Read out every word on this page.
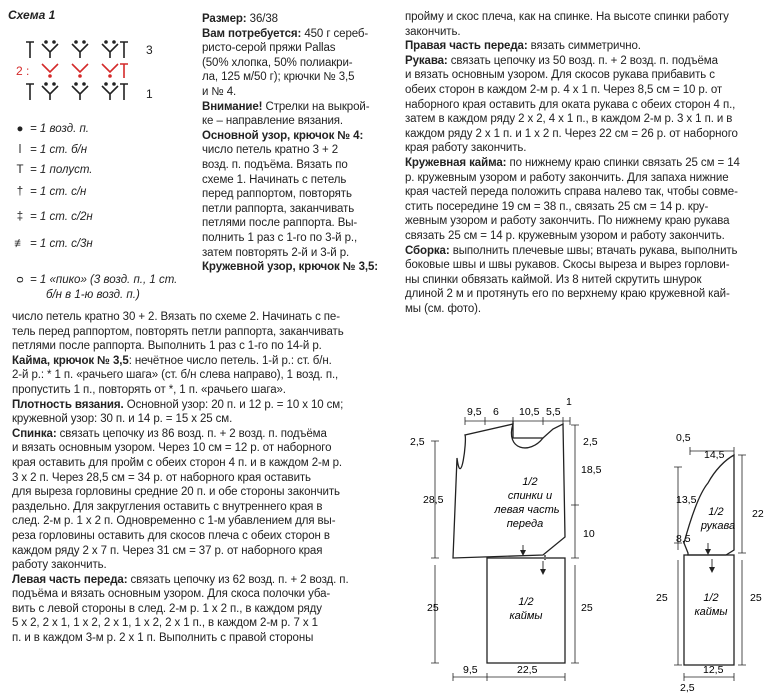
Схема 1
3
2 :
1
● = 1 возд. п.
ǀ = 1 ст. б/н
T = 1 полуст.
† = 1 ст. с/н
‡ = 1 ст. с/2н
≢ = 1 ст. с/3н
ᴑ = 1 «пико» (3 возд. п., 1 ст.
б/н в 1-ю возд. п.)

Размер: 36/38

Вам потребуется: 450 г сереб-

ристо-серой пряжи Pallas

(50% хлопка, 50% полиакри-

ла, 125 м/50 г); крючки № 3,5

и № 4.

Внимание! Стрелки на выкрой-

ке – направление вязания.

Основной узор, крючок № 4:

число петель кратно 3 + 2

возд. п. подъёма. Вязать по

схеме 1. Начинать с петель

перед раппортом, повторять

петли раппорта, заканчивать

петлями после раппорта. Вы-

полнить 1 раз с 1-го по 3-й р.,

затем повторять 2-й и 3-й р.

Кружевной узор, крючок № 3,5:

число петель кратно 30 + 2. Вязать по схеме 2. Начинать с пе-

тель перед раппортом, повторять петли раппорта, заканчивать

петлями после раппорта. Выполнить 1 раз с 1-го по 14-й р.

Кайма, крючок № 3,5: нечётное число петель. 1-й р.: ст. б/н.

2-й р.: * 1 п. «рачьего шага» (ст. б/н слева направо), 1 возд. п.,

пропустить 1 п., повторять от *, 1 п. «рачьего шага».

Плотность вязания. Основной узор: 20 п. и 12 р. = 10 х 10 см;

кружевной узор: 30 п. и 14 р. = 15 х 25 см.

Спинка: связать цепочку из 86 возд. п. + 2 возд. п. подъёма

и вязать основным узором. Через 10 см = 12 р. от наборного

края оставить для пройм с обеих сторон 4 п. и в каждом 2-м р.

3 х 2 п. Через 28,5 см = 34 р. от наборного края оставить

для выреза горловины средние 20 п. и обе стороны закончить

раздельно. Для закругления оставить с внутреннего края в

след. 2-м р. 1 х 2 п. Одновременно с 1-м убавлением для вы-

реза горловины оставить для скосов плеча с обеих сторон в

каждом ряду 2 х 7 п. Через 31 см = 37 р. от наборного края

работу закончить.

Левая часть переда: связать цепочку из 62 возд. п. + 2 возд. п.

подъёма и вязать основным узором. Для скоса полочки уба-

вить с левой стороны в след. 2-м р. 1 х 2 п., в каждом ряду

5 х 2, 2 х 1, 1 х 2, 2 х 1, 1 х 2, 2 х 1 п., в каждом 2-м р. 7 х 1

п. и в каждом 3-м р. 2 х 1 п. Выполнить с правой стороны

пройму и скос плеча, как на спинке. На высоте спинки работу

закончить.

Правая часть переда: вязать симметрично.

Рукава: связать цепочку из 50 возд. п. + 2 возд. п. подъёма

и вязать основным узором. Для скосов рукава прибавить с

обеих сторон в каждом 2-м р. 4 х 1 п. Через 8,5 см = 10 р. от

наборного края оставить для оката рукава с обеих сторон 4 п.,

затем в каждом ряду 2 х 2, 4 х 1 п., в каждом 2-м р. 3 х 1 п. и в

каждом ряду 2 х 1 п. и 1 х 2 п. Через 22 см = 26 р. от наборного

края работу закончить.

Кружевная кайма: по нижнему краю спинки связать 25 см = 14

р. кружевным узором и работу закончить. Для запаха нижние

края частей переда положить справа налево так, чтобы совме-

стить посередине 19 см = 38 п., связать 25 см = 14 р. кру-

жевным узором и работу закончить. По нижнему краю рукава

связать 25 см = 14 р. кружевным узором и работу закончить.

Сборка: выполнить плечевые швы; втачать рукава, выполнить

боковые швы и швы рукавов. Скосы выреза и вырез горлови-

ны спинки обвязать каймой. Из 8 нитей скрутить шнурок

длиной 2 м и протянуть его по верхнему краю кружевной кай-

мы (см. фото).

9,5 6 10,5 5,5
1
2,5	2,5
28,5
18,5
10
1/2
спинки и
левая часть
переда
1/2
каймы
25	25
9,5	22,5
0,5
14,5
13,5
8,5
22
1/2
рукава
1/2
каймы
25	25
12,5
2,5
